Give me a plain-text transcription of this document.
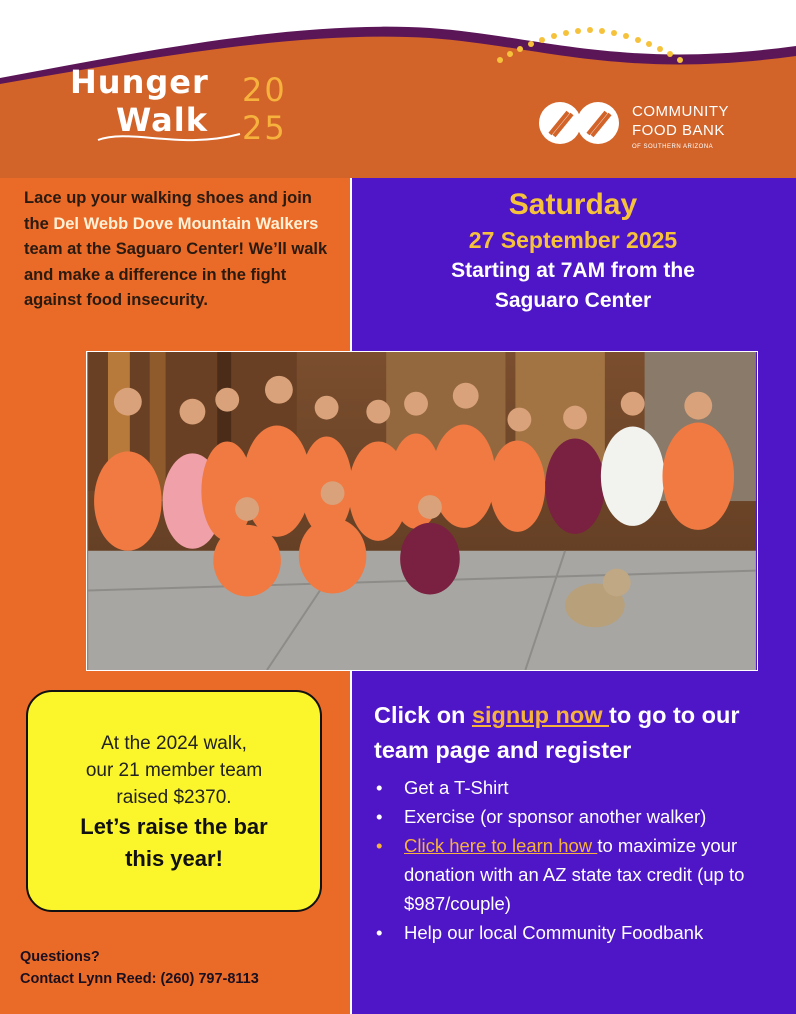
Hunger
Walk
20
25	COMMUNITY
FOOD BANK
OF SOUTHERN ARIZONA

Lace up your walking shoes and join the Del Webb Dove Mountain Walkers team at the Saguaro Center! We’ll walk and make a difference in the fight against food insecurity.

Saturday
27 September 2025
Starting at 7AM from the
Saguaro Center
At the 2024 walk,
our 21 member team
raised $2370.
Let’s raise the bar
this year!
Questions?
Contact Lynn Reed: (260) 797-8113

Click on signup now to go to our team page and register

• Get a T-Shirt
• Exercise (or sponsor another walker)
• Click here to learn how to maximize your donation with an AZ state tax credit (up to $987/couple)
• Help our local Community Foodbank
